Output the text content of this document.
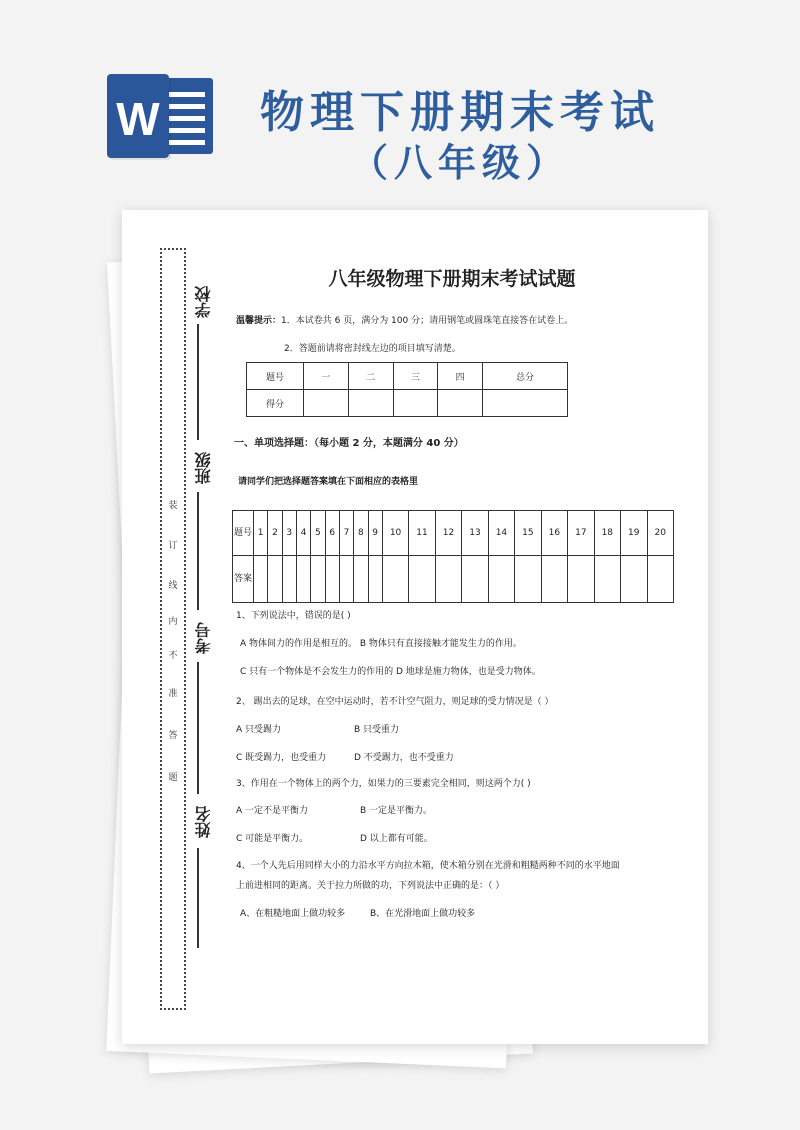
W	物理下册期末考试
（八年级）
装
订
线
内
不
准
答
题
学校
班级
考号
姓名
八年级物理下册期末考试试题
温馨提示：1．本试卷共 6 页，满分为 100 分；请用钢笔或圆珠笔直接答在试卷上。
2．答题前请将密封线左边的项目填写清楚。
题号	一	二	三	四	总分
得分					
一、单项选择题：（每小题 2 分，本题满分 40 分）
请同学们把选择题答案填在下面相应的表格里
题号	1	2	3	4	5	6	7	8	9	10	11	12	13	14	15	16	17	18	19	20
答案																				
1、下列说法中，错误的是( )
A 物体间力的作用是相互的。 B 物体只有直接接触才能发生力的作用。
C 只有一个物体是不会发生力的作用的 D 地球是施力物体，也是受力物体。
2、 踢出去的足球，在空中运动时，若不计空气阻力，则足球的受力情况是（ ）
A 只受踢力	B 只受重力
C 既受踢力，也受重力	D 不受踢力，也不受重力
3、作用在一个物体上的两个力，如果力的三要素完全相同，则这两个力( )
A 一定不是平衡力	B 一定是平衡力。
C 可能是平衡力。	D 以上都有可能。
4、一个人先后用同样大小的力沿水平方向拉木箱，使木箱分别在光滑和粗糙两种不同的水平地面
上前进相同的距离。关于拉力所做的功，下列说法中正确的是：（ ）
A、在粗糙地面上做功较多	B、在光滑地面上做功较多
